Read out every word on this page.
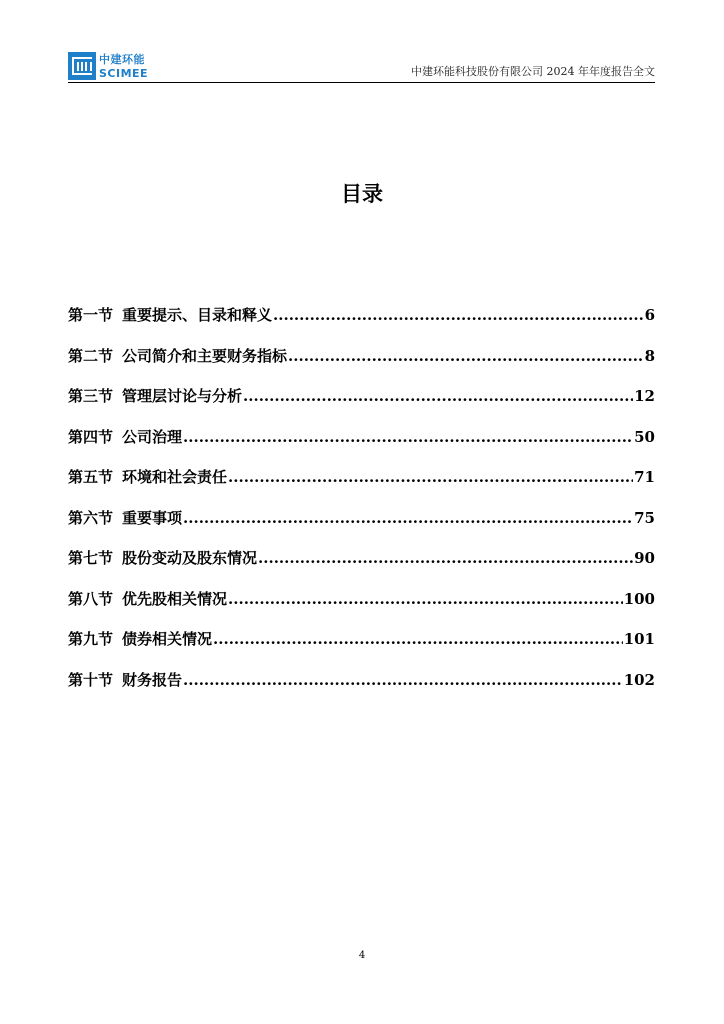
中建环能
SCIMEE	中建环能科技股份有限公司 2024 年年度报告全文
目录
第一节 重要提示、目录和释义 .....	6
第二节 公司简介和主要财务指标 .....	8
第三节 管理层讨论与分析 .....	12
第四节 公司治理 .....	50
第五节 环境和社会责任 .....	71
第六节 重要事项 .....	75
第七节 股份变动及股东情况 .....	90
第八节 优先股相关情况 .....	100
第九节 债券相关情况 .....	101
第十节 财务报告 .....	102
4
